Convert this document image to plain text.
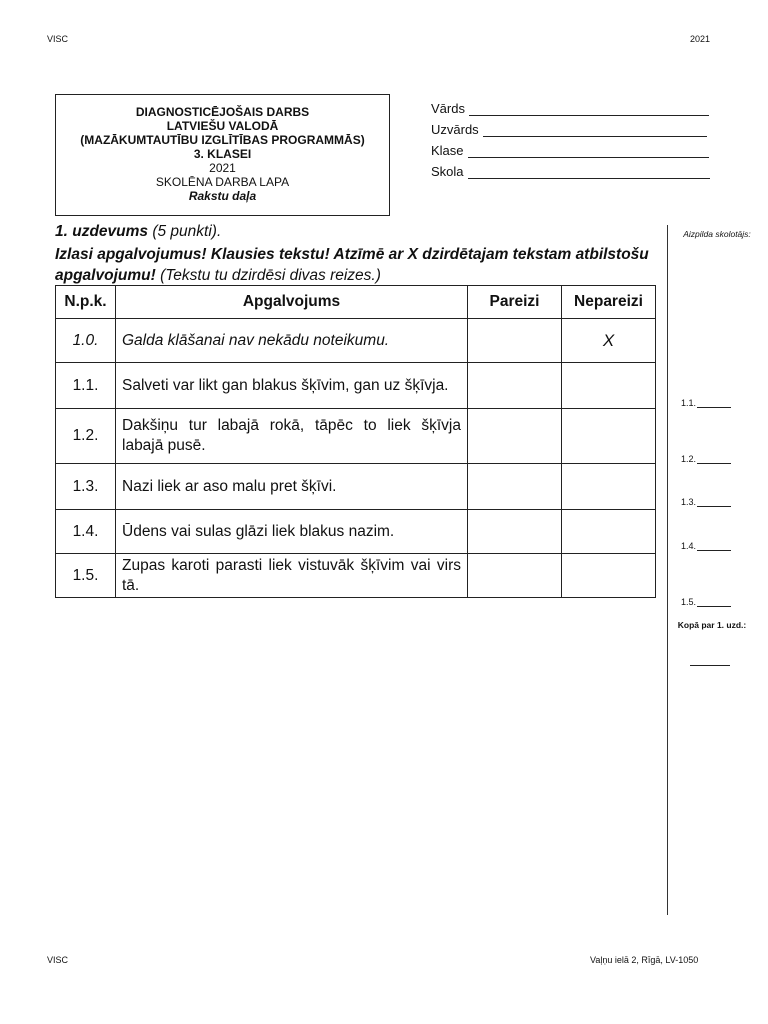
VISC	2021
DIAGNOSTICĒJOŠAIS DARBS
LATVIEŠU VALODĀ
(MAZĀKUMTAUTĪBU IZGLĪTĪBAS PROGRAMMĀS)
3. KLASEI
2021
SKOLĒNA DARBA LAPA
Rakstu daļa
Vārds
Uzvārds
Klase
Skola
1. uzdevums (5 punkti).
Izlasi apgalvojumus! Klausies tekstu! Atzīmē ar X dzirdētajam tekstam atbilstošu apgalvojumu! (Tekstu tu dzirdēsi divas reizes.)
N.p.k.	Apgalvojums	Pareizi	Nepareizi
1.0.	Galda klāšanai nav nekādu noteikumu.		X
1.1.	Salveti var likt gan blakus šķīvim, gan uz šķīvja.		
1.2.	Dakšiņu tur labajā rokā, tāpēc to liek šķīvja labajā pusē.		
1.3.	Nazi liek ar aso malu pret šķīvi.		
1.4.	Ūdens vai sulas glāzi liek blakus nazim.		
1.5.	Zupas karoti parasti liek vistuvāk šķīvim vai virs tā.		
Aizpilda skolotājs:
1.1.
1.2.
1.3.
1.4.
1.5.
Kopā par 1. uzd.:
VISC	Vaļņu ielā 2, Rīgā, LV-1050
